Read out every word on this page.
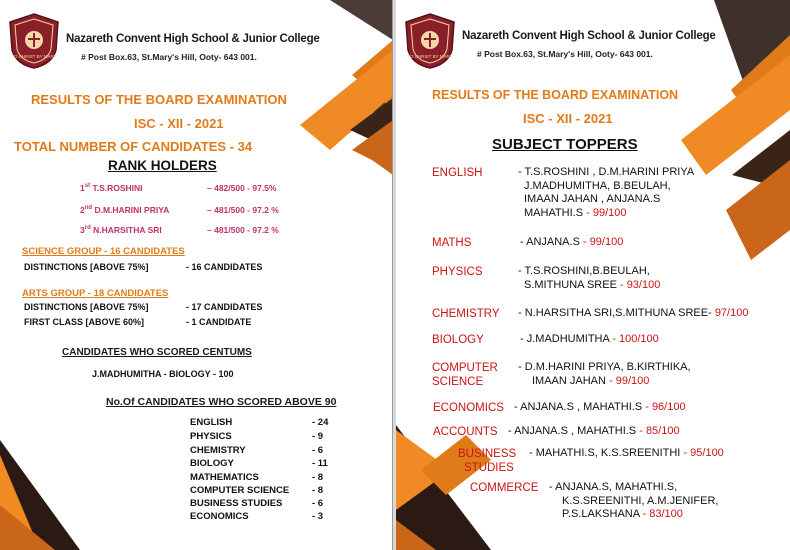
TO CHRIST BY MARY
Nazareth Convent High School & Junior College
# Post Box.63, St.Mary's Hill, Ooty- 643 001.
RESULTS OF THE BOARD EXAMINATION
ISC - XII - 2021
TOTAL NUMBER OF CANDIDATES - 34
RANK HOLDERS
1st T.S.ROSHINI	– 482/500 - 97.5%
2nd D.M.HARINI PRIYA	– 481/500 - 97.2 %
3rd N.HARSITHA SRI	– 481/500 - 97.2 %
SCIENCE GROUP - 16 CANDIDATES
DISTINCTIONS [ABOVE 75%]	- 16 CANDIDATES
ARTS GROUP - 18 CANDIDATES
DISTINCTIONS [ABOVE 75%]	- 17 CANDIDATES
FIRST CLASS [ABOVE 60%]	- 1 CANDIDATE
CANDIDATES WHO SCORED CENTUMS
J.MADHUMITHA - BIOLOGY - 100
No.Of CANDIDATES WHO SCORED ABOVE 90
ENGLISH	- 24
PHYSICS	- 9
CHEMISTRY	- 6
BIOLOGY	- 11
MATHEMATICS	- 8
COMPUTER SCIENCE - 8
BUSINESS STUDIES	- 6
ECONOMICS	- 3
TO CHRIST BY MARY
Nazareth Convent High School & Junior College
# Post Box.63, St.Mary's Hill, Ooty- 643 001.
RESULTS OF THE BOARD EXAMINATION
ISC - XII - 2021
SUBJECT TOPPERS
ENGLISH	- T.S.ROSHINI , D.M.HARINI PRIYA
J.MADHUMITHA, B.BEULAH,
IMAAN JAHAN , ANJANA.S
MAHATHI.S - 99/100
MATHS	- ANJANA.S - 99/100
PHYSICS	- T.S.ROSHINI,B.BEULAH,
S.MITHUNA SREE - 93/100
CHEMISTRY - N.HARSITHA SRI,S.MITHUNA SREE- 97/100
BIOLOGY	- J.MADHUMITHA - 100/100
COMPUTER
SCIENCE
- D.M.HARINI PRIYA, B.KIRTHIKA,
IMAAN JAHAN - 99/100
ECONOMICS - ANJANA.S , MAHATHI.S - 96/100
ACCOUNTS - ANJANA.S , MAHATHI.S - 85/100
BUSINESS
STUDIES
- MAHATHI.S, K.S.SREENITHI - 95/100
COMMERCE - ANJANA.S, MAHATHI.S,
K.S.SREENITHI, A.M.JENIFER,
P.S.LAKSHANA - 83/100
